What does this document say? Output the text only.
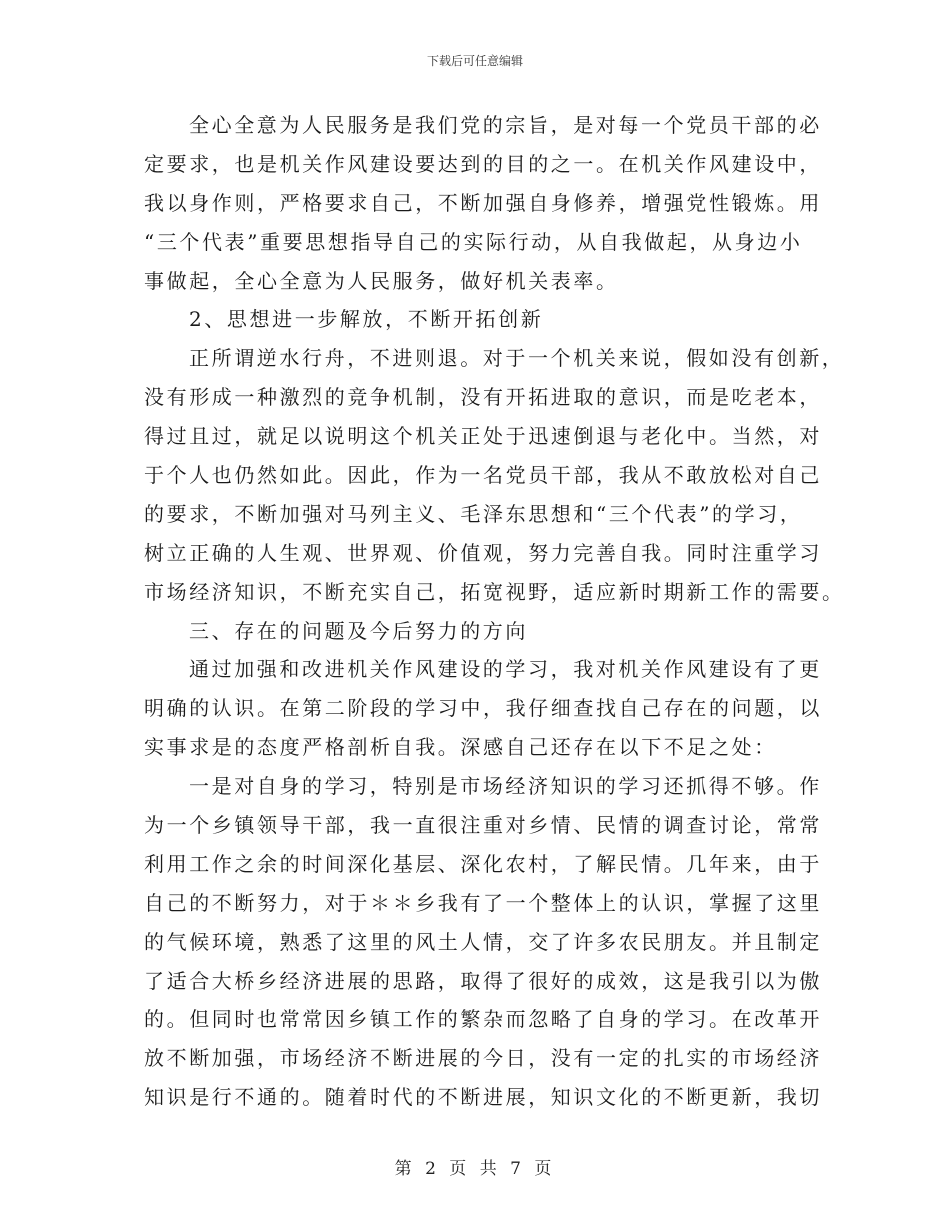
下载后可任意编辑
全心全意为人民服务是我们党的宗旨，是对每一个党员干部的必
定要求，也是机关作风建设要达到的目的之一。在机关作风建设中，
我以身作则，严格要求自己，不断加强自身修养，增强党性锻炼。用
“三个代表”重要思想指导自己的实际行动，从自我做起，从身边小
事做起，全心全意为人民服务，做好机关表率。
2、思想进一步解放，不断开拓创新
正所谓逆水行舟，不进则退。对于一个机关来说，假如没有创新，
没有形成一种激烈的竞争机制，没有开拓进取的意识，而是吃老本，
得过且过，就足以说明这个机关正处于迅速倒退与老化中。当然，对
于个人也仍然如此。因此，作为一名党员干部，我从不敢放松对自己
的要求，不断加强对马列主义、毛泽东思想和“三个代表”的学习，
树立正确的人生观、世界观、价值观，努力完善自我。同时注重学习
市场经济知识，不断充实自己，拓宽视野，适应新时期新工作的需要。
三、存在的问题及今后努力的方向
通过加强和改进机关作风建设的学习，我对机关作风建设有了更
明确的认识。在第二阶段的学习中，我仔细查找自己存在的问题，以
实事求是的态度严格剖析自我。深感自己还存在以下不足之处：
一是对自身的学习，特别是市场经济知识的学习还抓得不够。作
为一个乡镇领导干部，我一直很注重对乡情、民情的调查讨论，常常
利用工作之余的时间深化基层、深化农村，了解民情。几年来，由于
自己的不断努力，对于＊＊乡我有了一个整体上的认识，掌握了这里
的气候环境，熟悉了这里的风土人情，交了许多农民朋友。并且制定
了适合大桥乡经济进展的思路，取得了很好的成效，这是我引以为傲
的。但同时也常常因乡镇工作的繁杂而忽略了自身的学习。在改革开
放不断加强，市场经济不断进展的今日，没有一定的扎实的市场经济
知识是行不通的。随着时代的不断进展，知识文化的不断更新，我切
第 2 页 共 7 页
